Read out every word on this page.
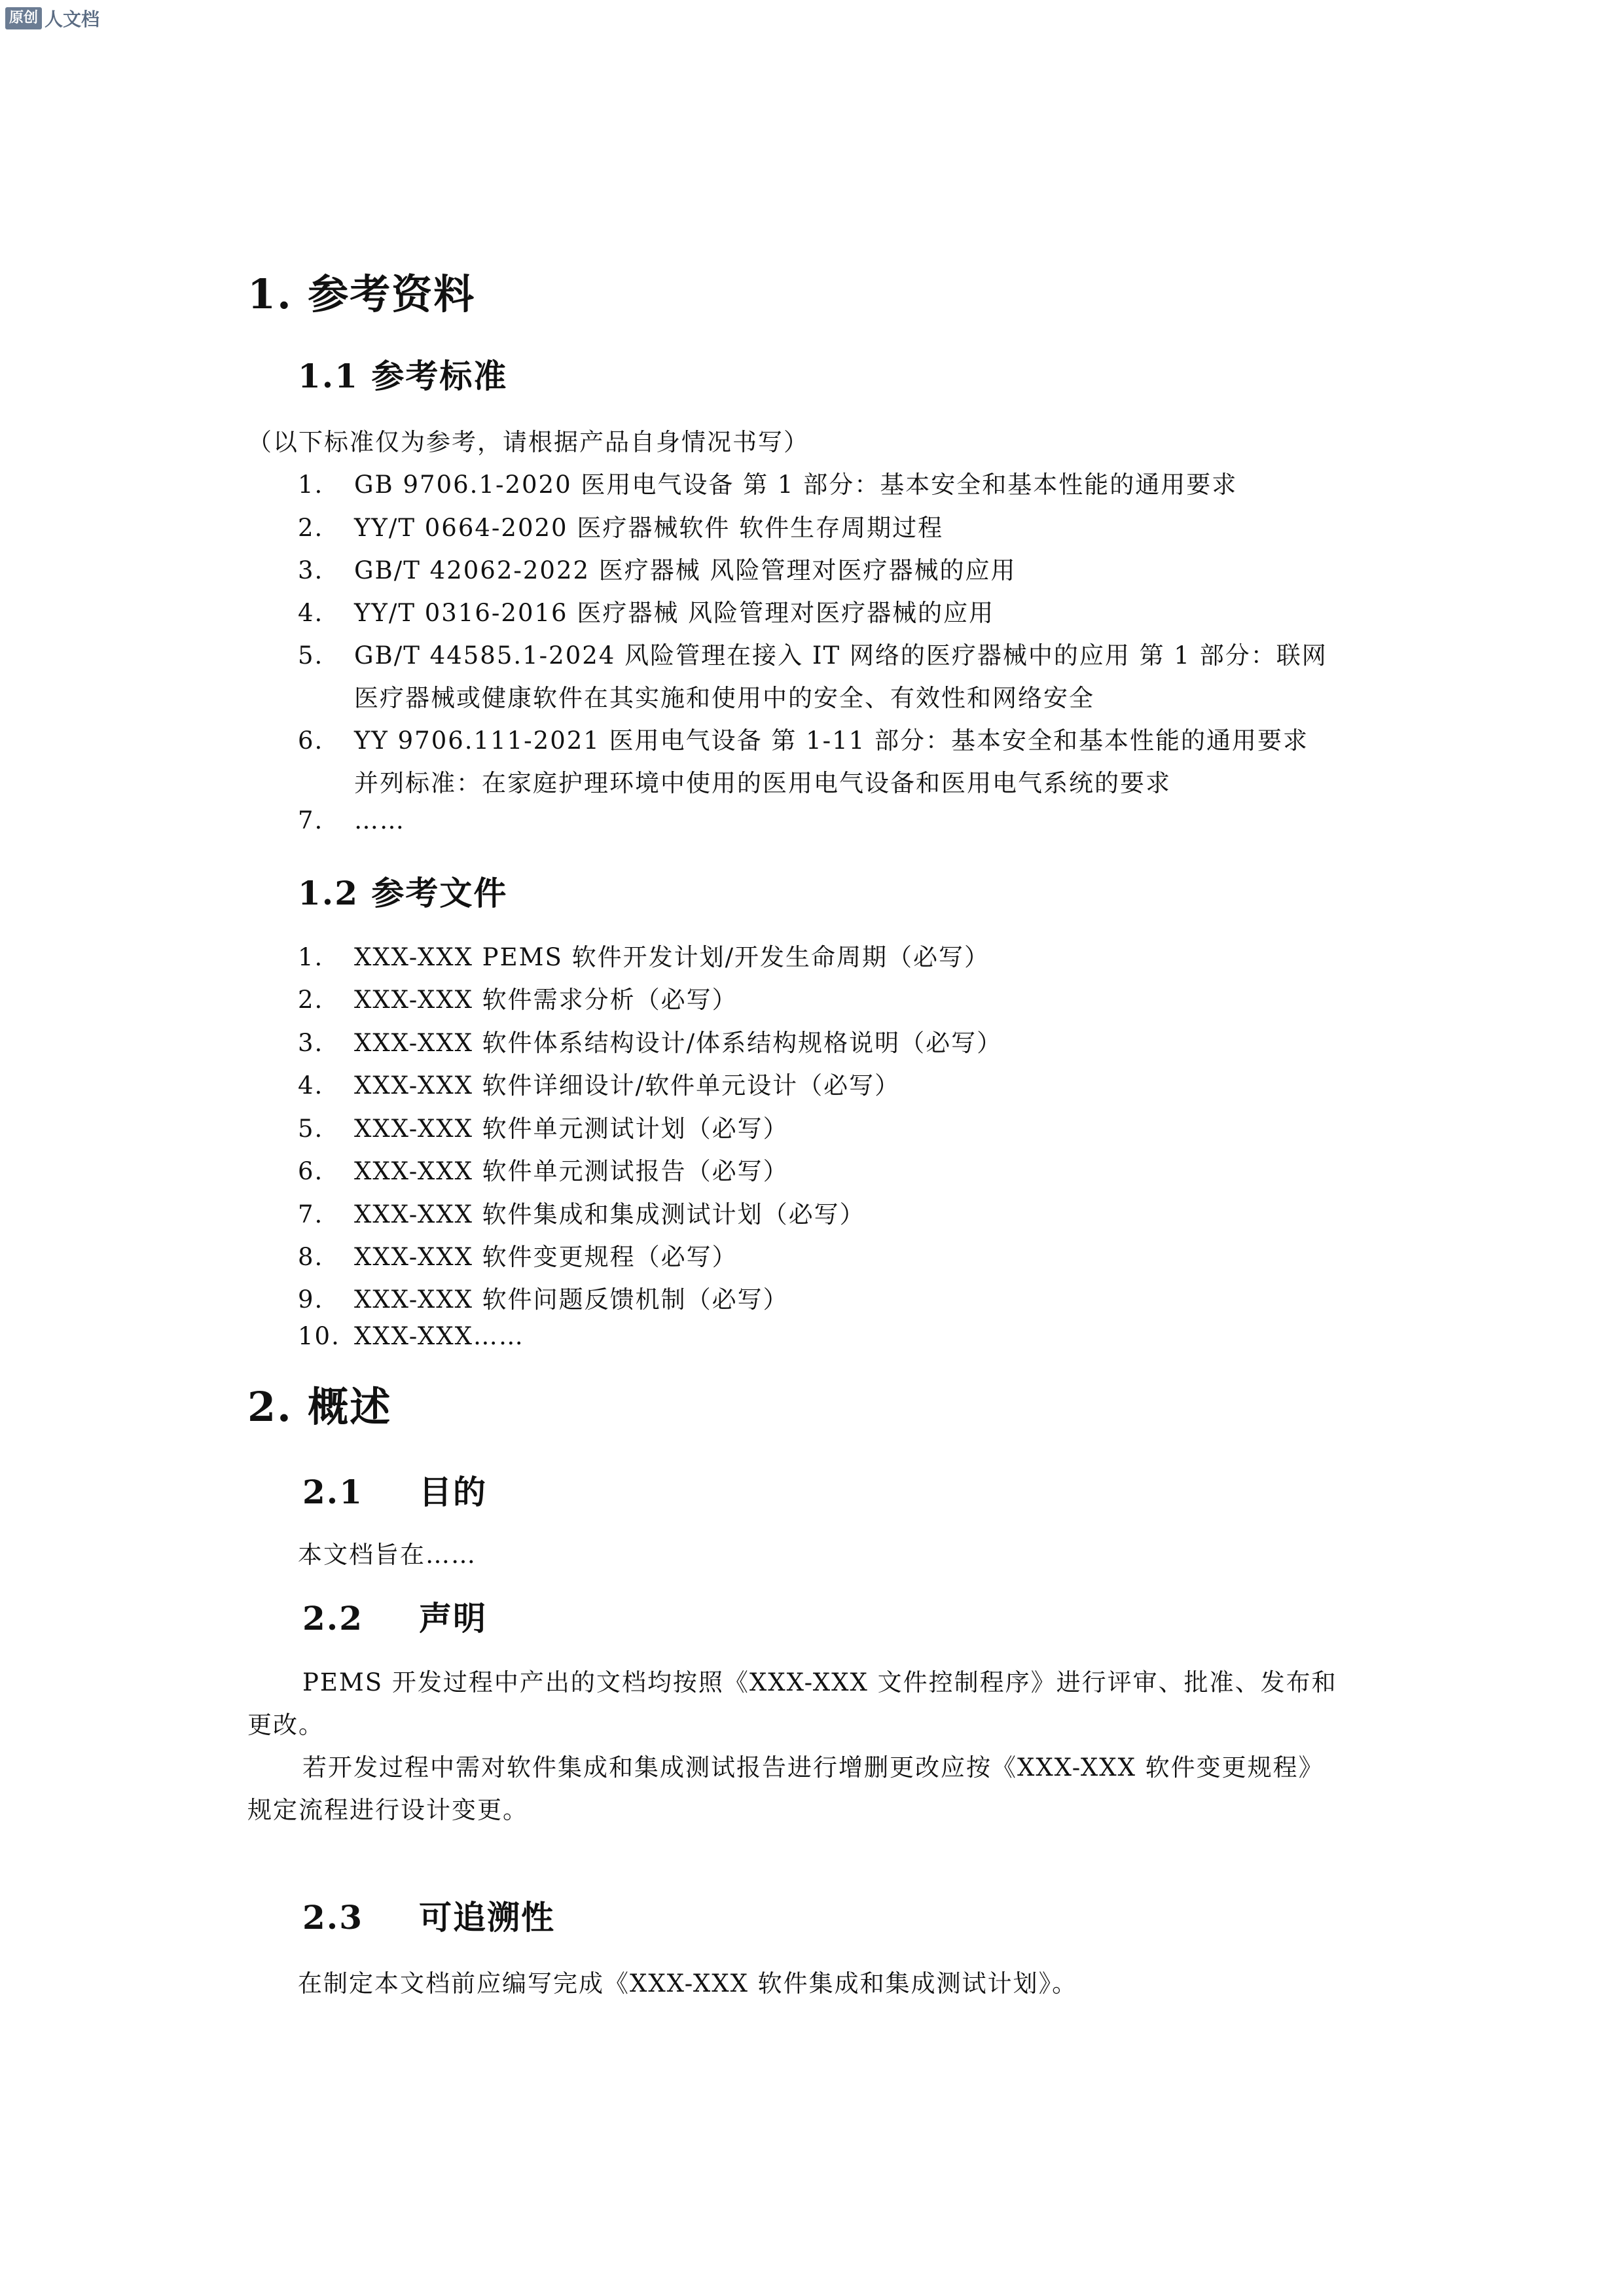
原创 人文档
1. 参考资料
1.1 参考标准
（以下标准仅为参考，请根据产品自身情况书写）
1. GB 9706.1-2020 医用电气设备 第 1 部分：基本安全和基本性能的通用要求
2. YY/T 0664-2020 医疗器械软件 软件生存周期过程
3. GB/T 42062-2022 医疗器械 风险管理对医疗器械的应用
4. YY/T 0316-2016 医疗器械 风险管理对医疗器械的应用
5. GB/T 44585.1-2024 风险管理在接入 IT 网络的医疗器械中的应用 第 1 部分：联网
医疗器械或健康软件在其实施和使用中的安全、有效性和网络安全
6. YY 9706.111-2021 医用电气设备 第 1-11 部分：基本安全和基本性能的通用要求
并列标准：在家庭护理环境中使用的医用电气设备和医用电气系统的要求
7. ……
1.2 参考文件
1. XXX-XXX PEMS 软件开发计划/开发生命周期（必写）
2. XXX-XXX 软件需求分析（必写）
3. XXX-XXX 软件体系结构设计/体系结构规格说明（必写）
4. XXX-XXX 软件详细设计/软件单元设计（必写）
5. XXX-XXX 软件单元测试计划（必写）
6. XXX-XXX 软件单元测试报告（必写）
7. XXX-XXX 软件集成和集成测试计划（必写）
8. XXX-XXX 软件变更规程（必写）
9. XXX-XXX 软件问题反馈机制（必写）
10. XXX-XXX……
2. 概述
2.1 目的
本文档旨在……
2.2 声明
PEMS 开发过程中产出的文档均按照《XXX-XXX 文件控制程序》进行评审、批准、发布和
更改。
若开发过程中需对软件集成和集成测试报告进行增删更改应按《XXX-XXX 软件变更规程》
规定流程进行设计变更。
2.3 可追溯性
在制定本文档前应编写完成《XXX-XXX 软件集成和集成测试计划》。
